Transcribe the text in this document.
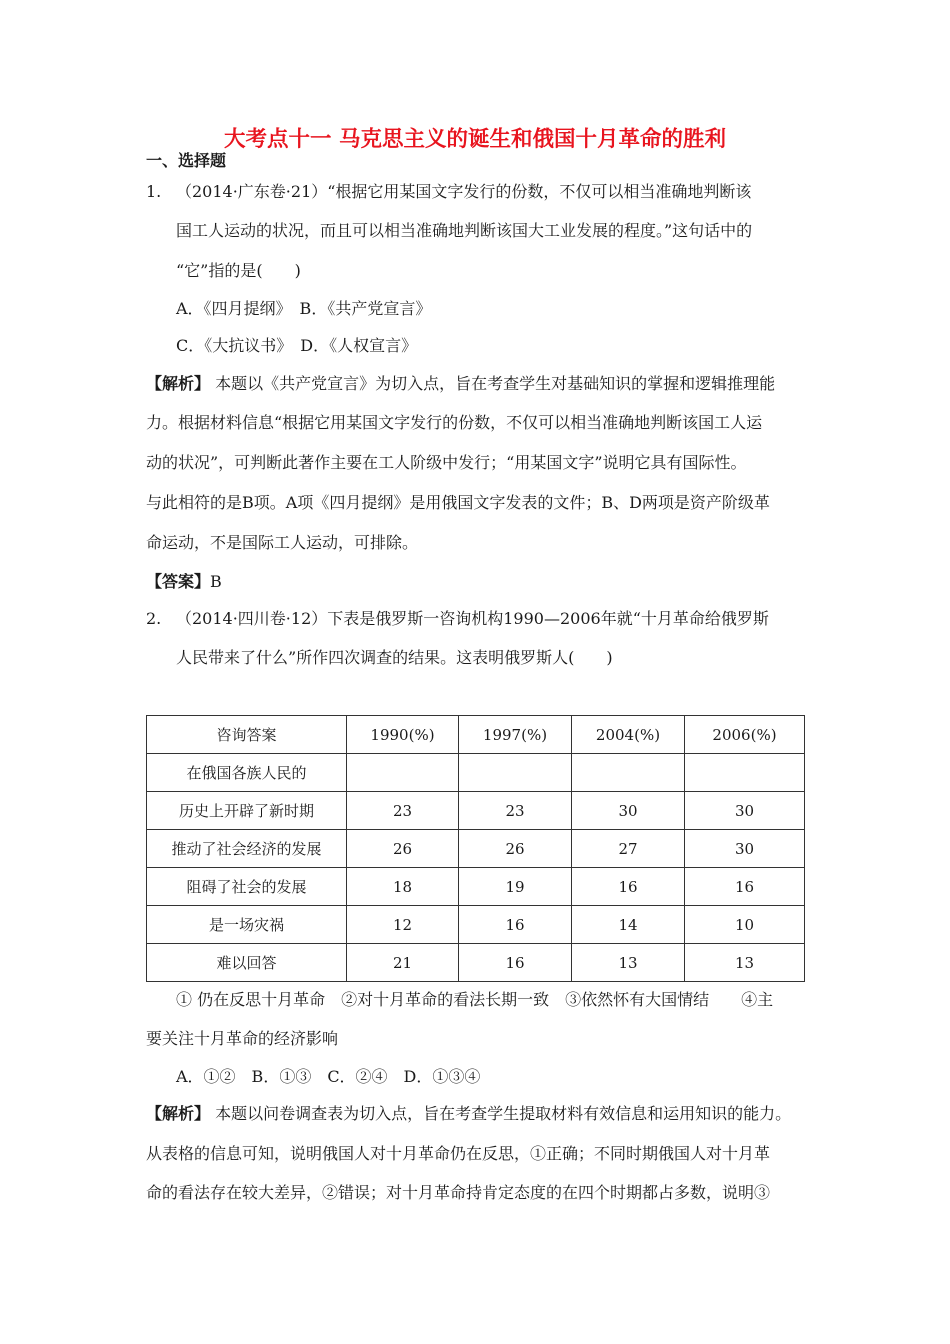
大考点十一 马克思主义的诞生和俄国十月革命的胜利
一、选择题
1. （2014·广东卷·21）“根据它用某国文字发行的份数，不仅可以相当准确地判断该
国工人运动的状况，而且可以相当准确地判断该国大工业发展的程度。”这句话中的
“它”指的是(　　)
A．《四月提纲》　B．《共产党宣言》
C．《大抗议书》　D．《人权宣言》
【解析】 本题以《共产党宣言》为切入点，旨在考查学生对基础知识的掌握和逻辑推理能
力。根据材料信息“根据它用某国文字发行的份数，不仅可以相当准确地判断该国工人运
动的状况”，可判断此著作主要在工人阶级中发行；“用某国文字”说明它具有国际性。
与此相符的是B项。A项《四月提纲》是用俄国文字发表的文件；B、D两项是资产阶级革
命运动，不是国际工人运动，可排除。
【答案】B
2. （2014·四川卷·12）下表是俄罗斯一咨询机构1990—2006年就“十月革命给俄罗斯
人民带来了什么”所作四次调查的结果。这表明俄罗斯人(　　)
咨询答案	1990(%)	1997(%)	2004(%)	2006(%)
在俄国各族人民的				
历史上开辟了新时期	23	23	30	30
推动了社会经济的发展	26	26	27	30
阻碍了社会的发展	18	19	16	16
是一场灾祸	12	16	14	10
难以回答	21	16	13	13
① 仍在反思十月革命　②对十月革命的看法长期一致　③依然怀有大国情结　　④主
要关注十月革命的经济影响
A．①②　B．①③　C．②④　D．①③④
【解析】 本题以问卷调查表为切入点，旨在考查学生提取材料有效信息和运用知识的能力。
从表格的信息可知，说明俄国人对十月革命仍在反思，①正确；不同时期俄国人对十月革
命的看法存在较大差异，②错误；对十月革命持肯定态度的在四个时期都占多数，说明③
